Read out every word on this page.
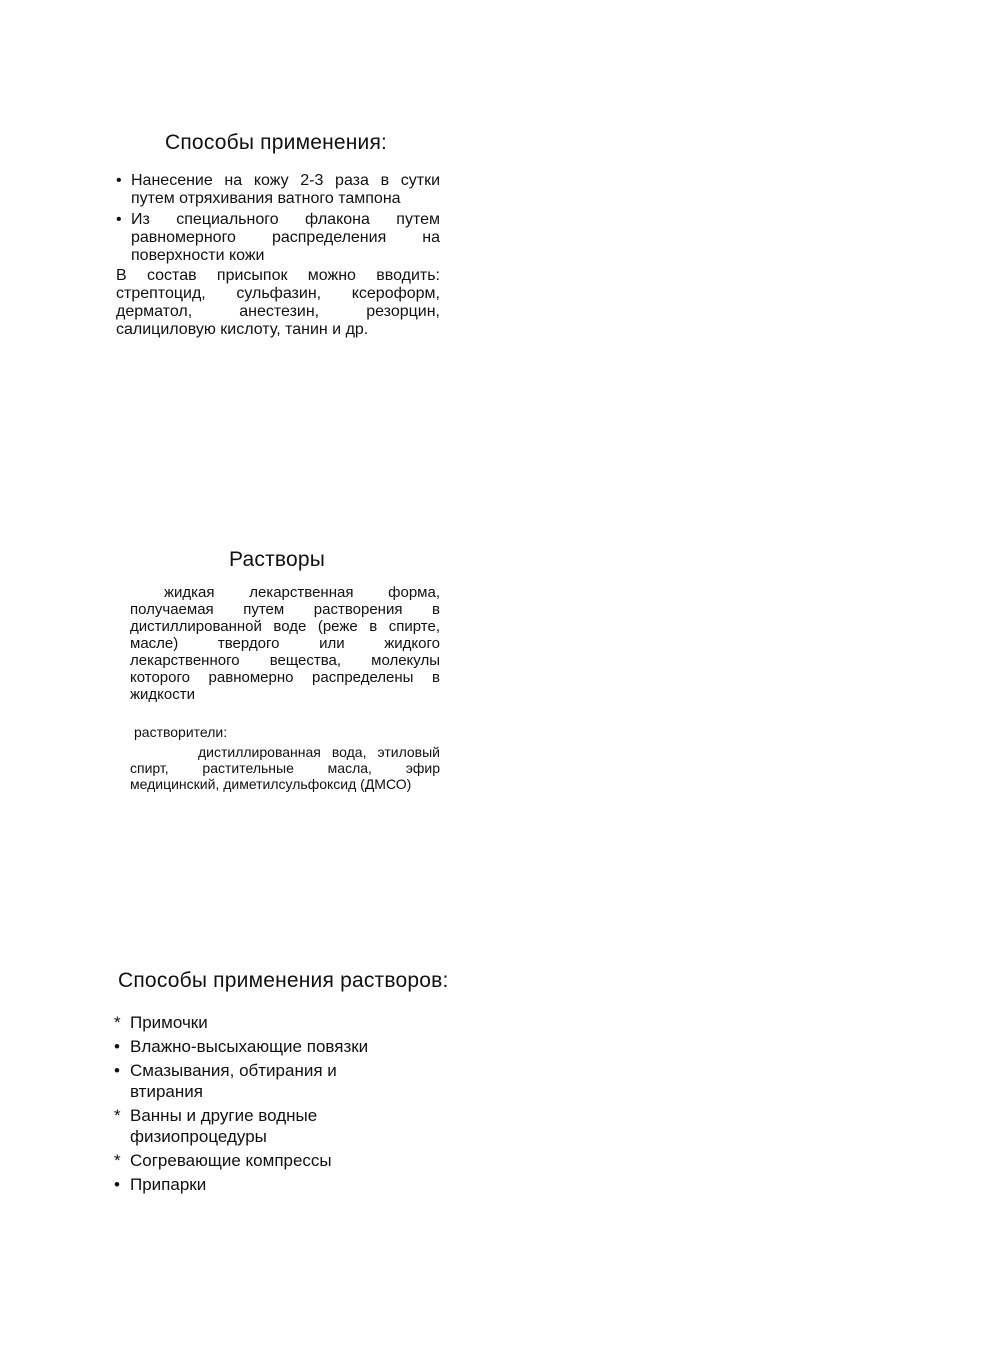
Способы применения:
• Нанесение на кожу 2-3 раза в сутки путем отряхивания ватного тампона
• Из специального флакона путем равномерного распределения на поверхности кожи
В состав присыпок можно вводить: стрептоцид, сульфазин, ксероформ, дерматол, анестезин, резорцин, салициловую кислоту, танин и др.
Растворы
жидкая лекарственная форма, получаемая путем растворения в дистиллированной воде (реже в спирте, масле) твердого или жидкого лекарственного вещества, молекулы которого равномерно распределены в жидкости
растворители:
дистиллированная вода, этиловый спирт, растительные масла, эфир медицинский, диметилсульфоксид (ДМСО)
Способы применения растворов:
* Примочки
• Влажно-высыхающие повязки
• Смазывания, обтирания и втирания
* Ванны и другие водные физиопроцедуры
* Согревающие компрессы
• Припарки
